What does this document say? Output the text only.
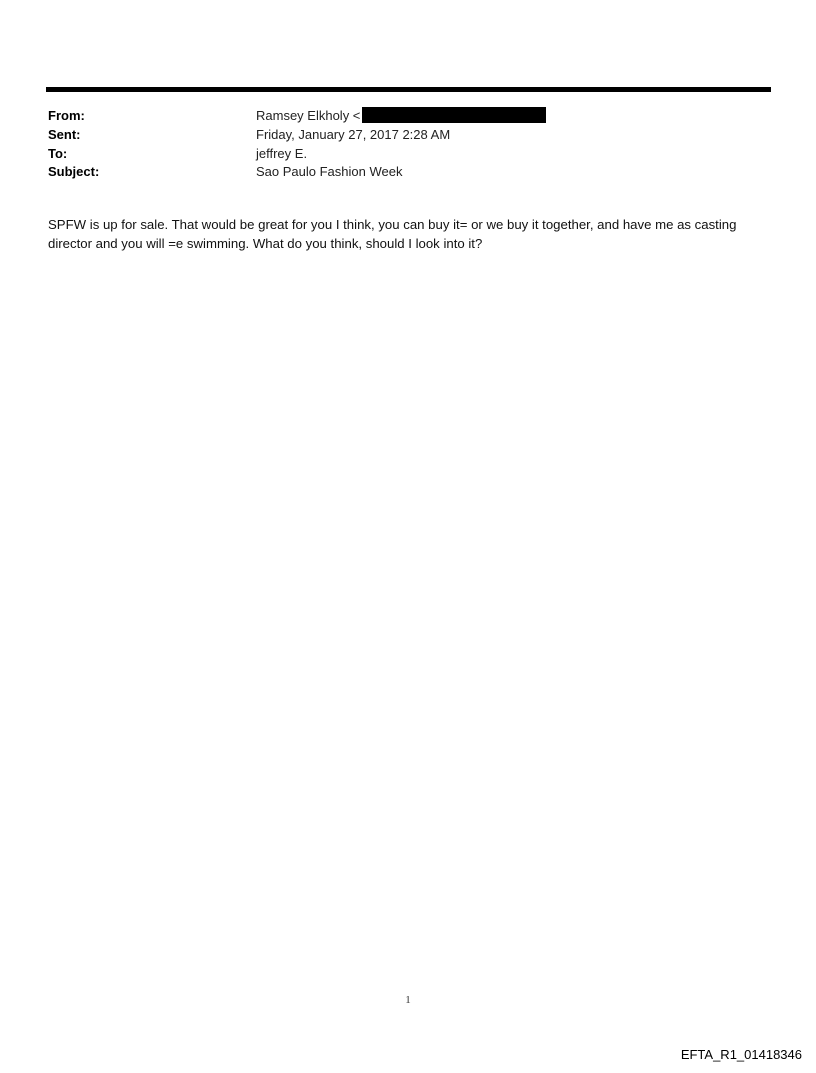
From:	Ramsey Elkholy <
Sent:	Friday, January 27, 2017 2:28 AM
To:	jeffrey E.
Subject:	Sao Paulo Fashion Week

SPFW is up for sale. That would be great for you I think, you can buy it= or we buy it together, and have me as casting director and you will =e swimming. What do you think, should I look into it?

1
EFTA_R1_01418346
